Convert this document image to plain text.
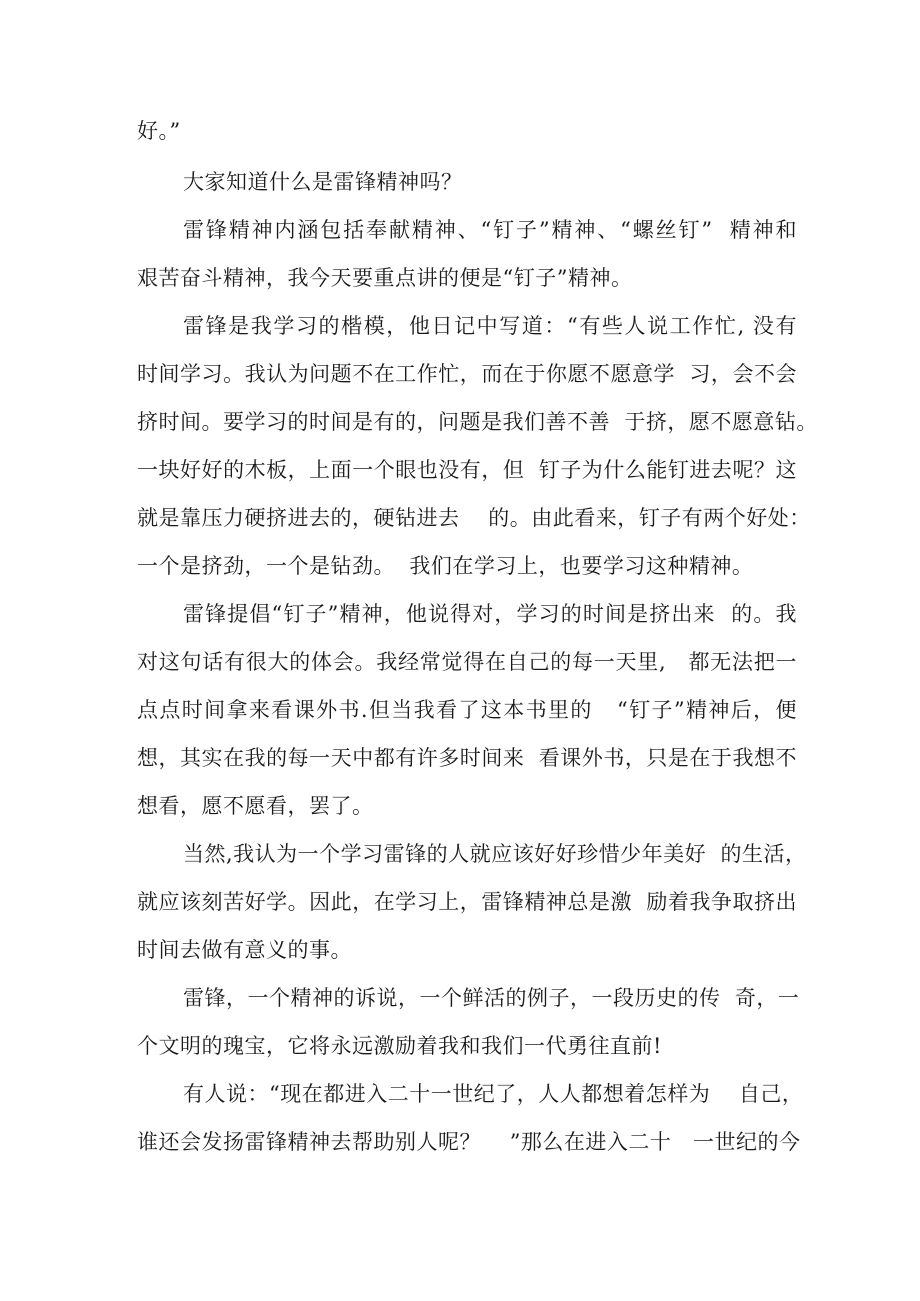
好。”

大家知道什么是雷锋精神吗？

雷锋精神内涵包括奉献精神、“钉子”精神、“螺丝钉”  精神和

艰苦奋斗精神，我今天要重点讲的便是“钉子”精神。

雷锋是我学习的楷模，他日记中写道：“有些人说工作忙, 没有

时间学习。我认为问题不在工作忙，而在于你愿不愿意学  习，会不会

挤时间。要学习的时间是有的，问题是我们善不善  于挤，愿不愿意钻。

一块好好的木板，上面一个眼也没有，但  钉子为什么能钉进去呢？这

就是靠压力硬挤进去的，硬钻进去    的。由此看来，钉子有两个好处：

一个是挤劲，一个是钻劲。  我们在学习上，也要学习这种精神。

雷锋提倡“钉子”精神，他说得对，学习的时间是挤出来  的。我

对这句话有很大的体会。我经常觉得在自己的每一天里,   都无法把一

点点时间拿来看课外书.但当我看了这本书里的   “钉子”精神后，便

想，其实在我的每一天中都有许多时间来  看课外书，只是在于我想不

想看，愿不愿看，罢了。

当然,我认为一个学习雷锋的人就应该好好珍惜少年美好  的生活，

就应该刻苦好学。因此，在学习上，雷锋精神总是激  励着我争取挤出

时间去做有意义的事。

雷锋，一个精神的诉说，一个鲜活的例子，一段历史的传  奇，一

个文明的瑰宝，它将永远激励着我和我们一代勇往直前!

有人说：“现在都进入二十一世纪了，人人都想着怎样为    自己，

谁还会发扬雷锋精神去帮助别人呢？    ”那么在进入二十   一世纪的今
